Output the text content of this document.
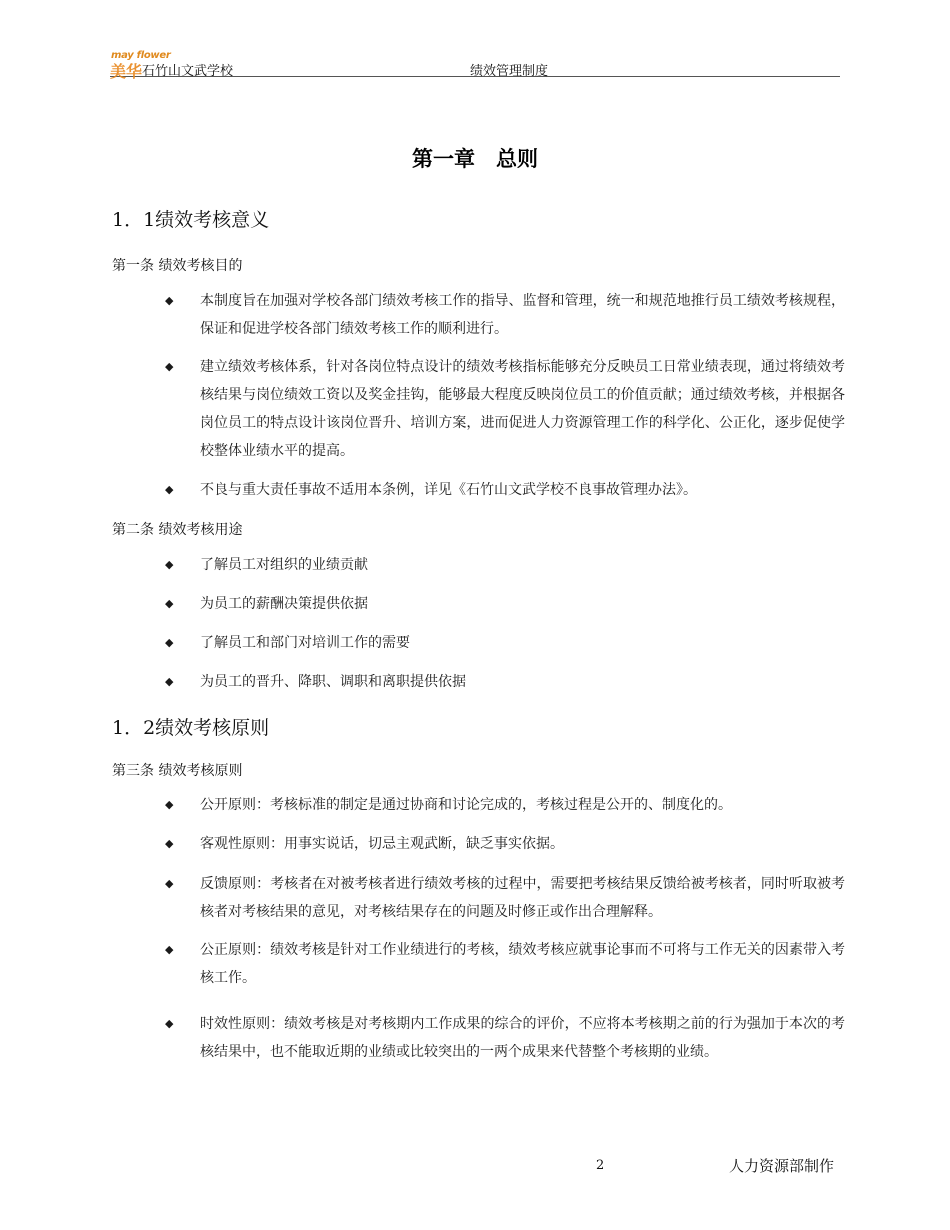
may flower
美华 石竹山文武学校	绩效管理制度
第一章　总则
1．1绩效考核意义
第一条 绩效考核目的
◆ 本制度旨在加强对学校各部门绩效考核工作的指导、监督和管理，统一和规范地推行员工绩效考核规程，保证和促进学校各部门绩效考核工作的顺利进行。
◆ 建立绩效考核体系，针对各岗位特点设计的绩效考核指标能够充分反映员工日常业绩表现，通过将绩效考核结果与岗位绩效工资以及奖金挂钩，能够最大程度反映岗位员工的价值贡献；通过绩效考核，并根据各岗位员工的特点设计该岗位晋升、培训方案，进而促进人力资源管理工作的科学化、公正化，逐步促使学校整体业绩水平的提高。
◆ 不良与重大责任事故不适用本条例，详见《石竹山文武学校不良事故管理办法》。
第二条 绩效考核用途
◆ 了解员工对组织的业绩贡献
◆ 为员工的薪酬决策提供依据
◆ 了解员工和部门对培训工作的需要
◆ 为员工的晋升、降职、调职和离职提供依据
1．2绩效考核原则
第三条 绩效考核原则
◆ 公开原则：考核标准的制定是通过协商和讨论完成的，考核过程是公开的、制度化的。
◆ 客观性原则：用事实说话，切忌主观武断，缺乏事实依据。
◆ 反馈原则：考核者在对被考核者进行绩效考核的过程中，需要把考核结果反馈给被考核者，同时听取被考核者对考核结果的意见，对考核结果存在的问题及时修正或作出合理解释。
◆ 公正原则：绩效考核是针对工作业绩进行的考核，绩效考核应就事论事而不可将与工作无关的因素带入考核工作。
◆ 时效性原则：绩效考核是对考核期内工作成果的综合的评价，不应将本考核期之前的行为强加于本次的考核结果中，也不能取近期的业绩或比较突出的一两个成果来代替整个考核期的业绩。
2	人力资源部制作
